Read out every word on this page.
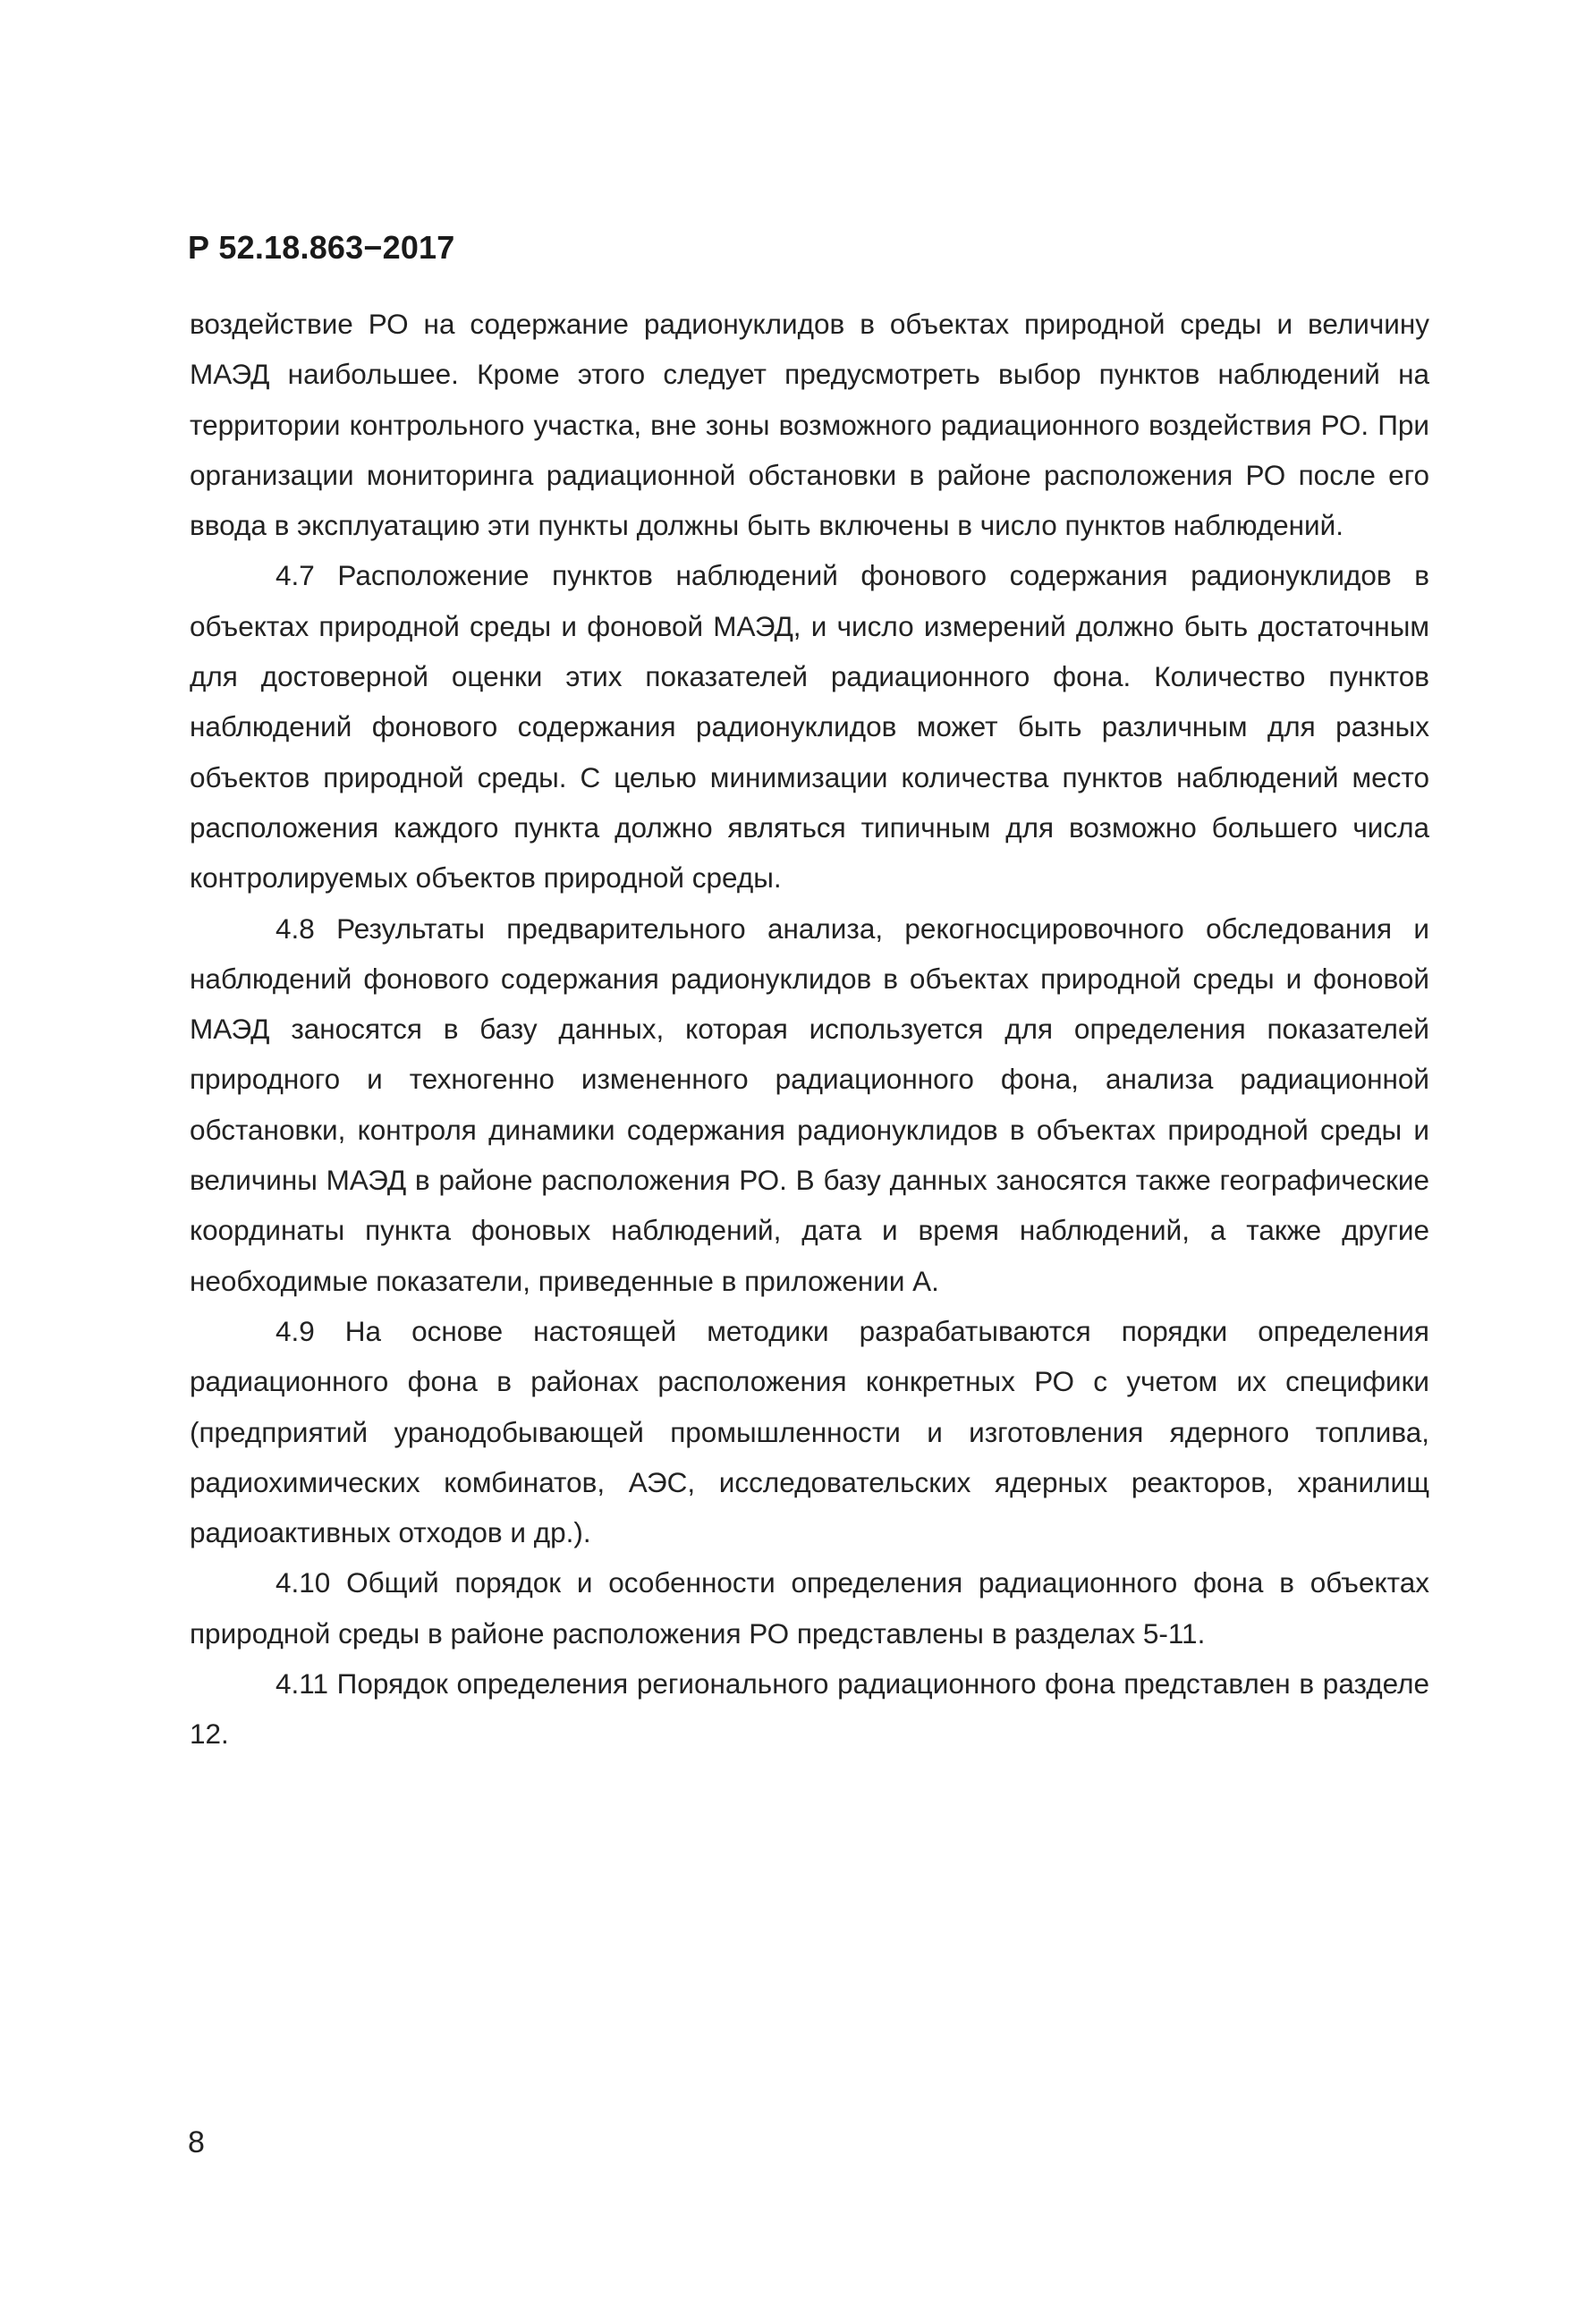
Р 52.18.863−2017

воздействие РО на содержание радионуклидов в объектах природной среды и величину МАЭД наибольшее. Кроме этого следует предусмотреть выбор пунктов наблюдений на территории контрольного участка, вне зоны возможного радиационного воздействия РО. При организации мониторинга радиационной обстановки в районе расположения РО после его ввода в эксплуатацию эти пункты должны быть включены в число пунктов наблюдений.

4.7 Расположение пунктов наблюдений фонового содержания радионуклидов в объектах природной среды и фоновой МАЭД, и число измерений должно быть достаточным для достоверной оценки этих показателей радиационного фона. Количество пунктов наблюдений фонового содержания радионуклидов может быть различным для разных объектов природной среды. С целью минимизации количества пунктов наблюдений место расположения каждого пункта должно являться типичным для возможно большего числа контролируемых объектов природной среды.

4.8 Результаты предварительного анализа, рекогносцировочного обследования и наблюдений фонового содержания радионуклидов в объектах природной среды и фоновой МАЭД заносятся в базу данных, которая используется для определения показателей природного и техногенно измененного радиационного фона, анализа радиационной обстановки, контроля динамики содержания радионуклидов в объектах природной среды и величины МАЭД в районе расположения РО. В базу данных заносятся также географические координаты пункта фоновых наблюдений, дата и время наблюдений, а также другие необходимые показатели, приведенные в приложении А.

4.9 На основе настоящей методики разрабатываются порядки определения радиационного фона в районах расположения конкретных РО с учетом их специфики (предприятий уранодобывающей промышленности и изготовления ядерного топлива, радиохимических комбинатов, АЭС, исследовательских ядерных реакторов, хранилищ радиоактивных отходов и др.).

4.10 Общий порядок и особенности определения радиационного фона в объектах природной среды в районе расположения РО представлены в разделах 5-11.

4.11 Порядок определения регионального радиационного фона представлен в разделе 12.

8
